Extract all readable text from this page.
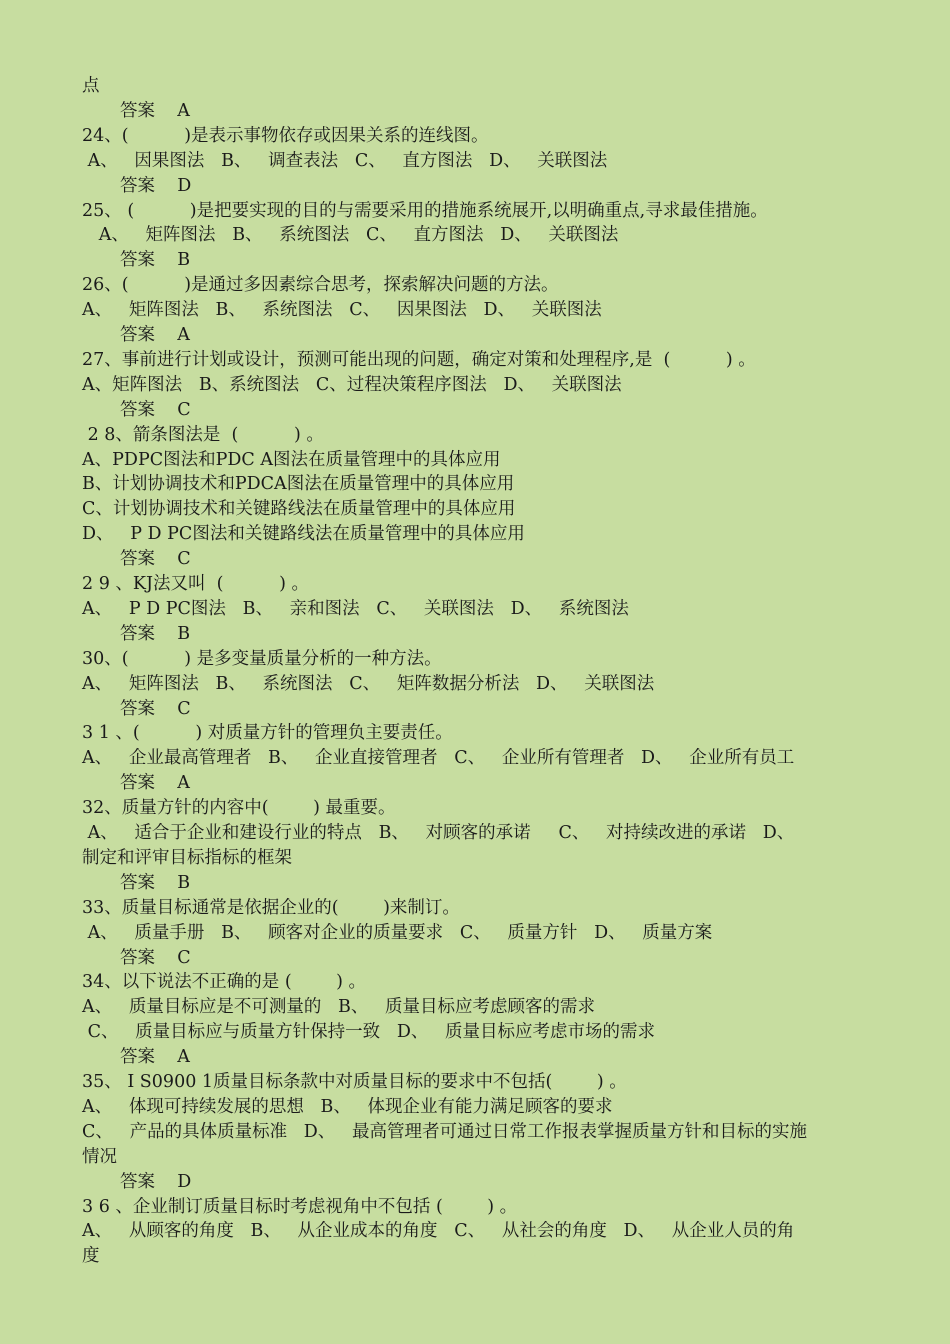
点
答案    A
24、(          )是表示事物依存或因果关系的连线图。
A、   因果图法   B、   调查表法   C、   直方图法   D、   关联图法
答案    D
25、 (          )是把要实现的目的与需要采用的措施系统展开,以明确重点,寻求最佳措施。
A、   矩阵图法   B、   系统图法   C、   直方图法   D、   关联图法
答案    B
26、(          )是通过多因素综合思考，探索解决问题的方法。
A、   矩阵图法   B、   系统图法   C、   因果图法   D、   关联图法
答案    A
27、事前进行计划或设计，预测可能出现的问题，确定对策和处理程序,是  (          ) 。
A、矩阵图法   B、系统图法   C、过程决策程序图法   D、   关联图法
答案    C
2 8、箭条图法是  (          ) 。
A、PDPC图法和PDC A图法在质量管理中的具体应用
B、计划协调技术和PDCA图法在质量管理中的具体应用
C、计划协调技术和关键路线法在质量管理中的具体应用
D、   P D PC图法和关键路线法在质量管理中的具体应用
答案    C
2 9 、KJ法又叫  (          ) 。
A、   P D PC图法   B、   亲和图法   C、   关联图法   D、   系统图法
答案    B
30、(          ) 是多变量质量分析的一种方法。
A、   矩阵图法   B、   系统图法   C、   矩阵数据分析法   D、   关联图法
答案    C
3 1 、(          ) 对质量方针的管理负主要责任。
A、   企业最高管理者   B、   企业直接管理者   C、   企业所有管理者   D、   企业所有员工
答案    A
32、质量方针的内容中(        ) 最重要。
A、   适合于企业和建设行业的特点   B、   对顾客的承诺     C、   对持续改进的承诺   D、
制定和评审目标指标的框架
答案    B
33、质量目标通常是依据企业的(        )来制订。
A、   质量手册   B、   顾客对企业的质量要求   C、   质量方针   D、   质量方案
答案    C
34、以下说法不正确的是 (        ) 。
A、   质量目标应是不可测量的   B、   质量目标应考虑顾客的需求
C、   质量目标应与质量方针保持一致   D、   质量目标应考虑市场的需求
答案    A
35、 I S0900 1质量目标条款中对质量目标的要求中不包括(        ) 。
A、   体现可持续发展的思想   B、   体现企业有能力满足顾客的要求
C、   产品的具体质量标准   D、   最高管理者可通过日常工作报表掌握质量方针和目标的实施
情况
答案    D
3 6 、企业制订质量目标时考虑视角中不包括 (        ) 。
A、   从顾客的角度   B、   从企业成本的角度   C、   从社会的角度   D、   从企业人员的角
度
